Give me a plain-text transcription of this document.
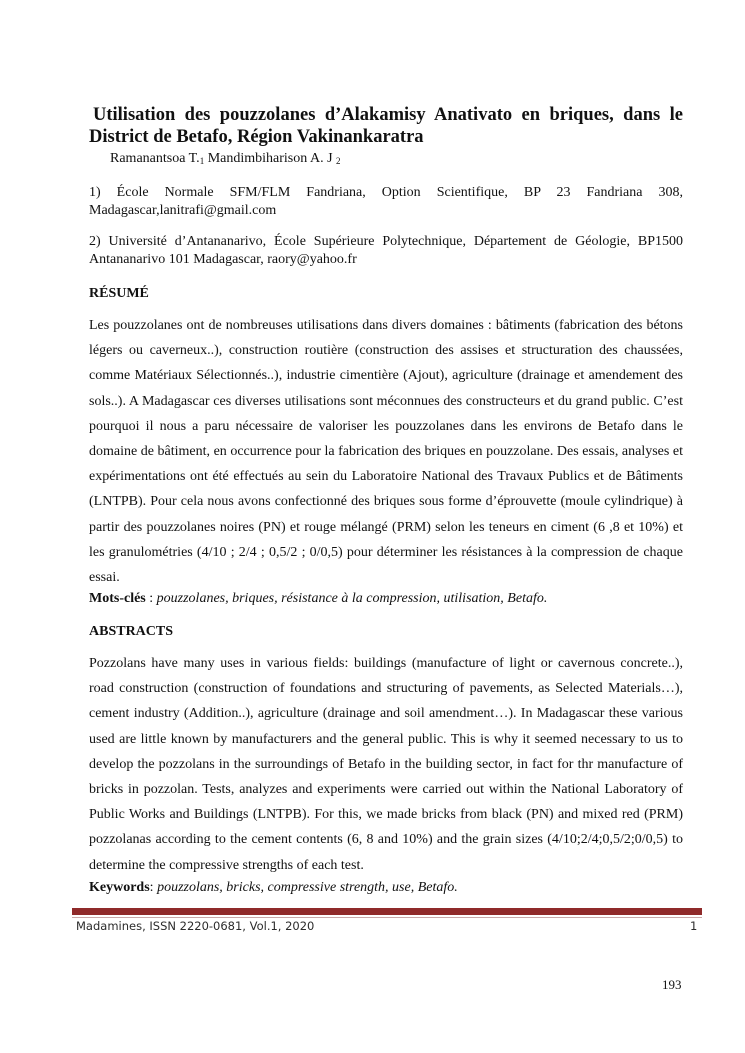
Utilisation des pouzzolanes d’Alakamisy Anativato en briques, dans le District de Betafo, Région Vakinankaratra
Ramanantsoa $T._1$ Mandimbiharison A. J $_2$
1) École Normale SFM/FLM Fandriana, Option Scientifique, BP 23 Fandriana 308, Madagascar,lanitrafi@gmail.com
2) Université d’Antananarivo, École Supérieure Polytechnique, Département de Géologie, BP1500 Antananarivo 101 Madagascar, raory@yahoo.fr
RÉSUMÉ
Les pouzzolanes ont de nombreuses utilisations dans divers domaines : bâtiments (fabrication des bétons légers ou caverneux..), construction routière (construction des assises et structuration des chaussées, comme Matériaux Sélectionnés..), industrie cimentière (Ajout), agriculture (drainage et amendement des sols..). A Madagascar ces diverses utilisations sont méconnues des constructeurs et du grand public. C’est pourquoi il nous a paru nécessaire de valoriser les pouzzolanes dans les environs de Betafo dans le domaine de bâtiment, en occurrence pour la fabrication des briques en pouzzolane. Des essais, analyses et expérimentations ont été effectués au sein du Laboratoire National des Travaux Publics et de Bâtiments (LNTPB). Pour cela nous avons confectionné des briques sous forme d’éprouvette (moule cylindrique) à partir des pouzzolanes noires (PN) et rouge mélangé (PRM) selon les teneurs en ciment (6 ,8 et 10%) et les granulométries (4/10 ; 2/4 ; 0,5/2 ; 0/0,5) pour déterminer les résistances à la compression de chaque essai.
Mots-clés : pouzzolanes, briques, résistance à la compression, utilisation, Betafo.
ABSTRACTS
Pozzolans have many uses in various fields: buildings (manufacture of light or cavernous concrete..), road construction (construction of foundations and structuring of pavements, as Selected Materials…), cement industry (Addition..), agriculture (drainage and soil amendment…). In Madagascar these various used are little known by manufacturers and the general public. This is why it seemed necessary to us to develop the pozzolans in the surroundings of Betafo in the building sector, in fact for thr manufacture of bricks in pozzolan. Tests, analyzes and experiments were carried out within the National Laboratory of Public Works and Buildings (LNTPB). For this, we made bricks from black (PN) and mixed red (PRM) pozzolanas according to the cement contents (6, 8 and 10%) and the grain sizes (4/10;2/4;0,5/2;0/0,5) to determine the compressive strengths of each test.
Keywords: pouzzolans, bricks, compressive strength, use, Betafo.
Madamines, ISSN 2220-0681, Vol.1, 2020	1
193
